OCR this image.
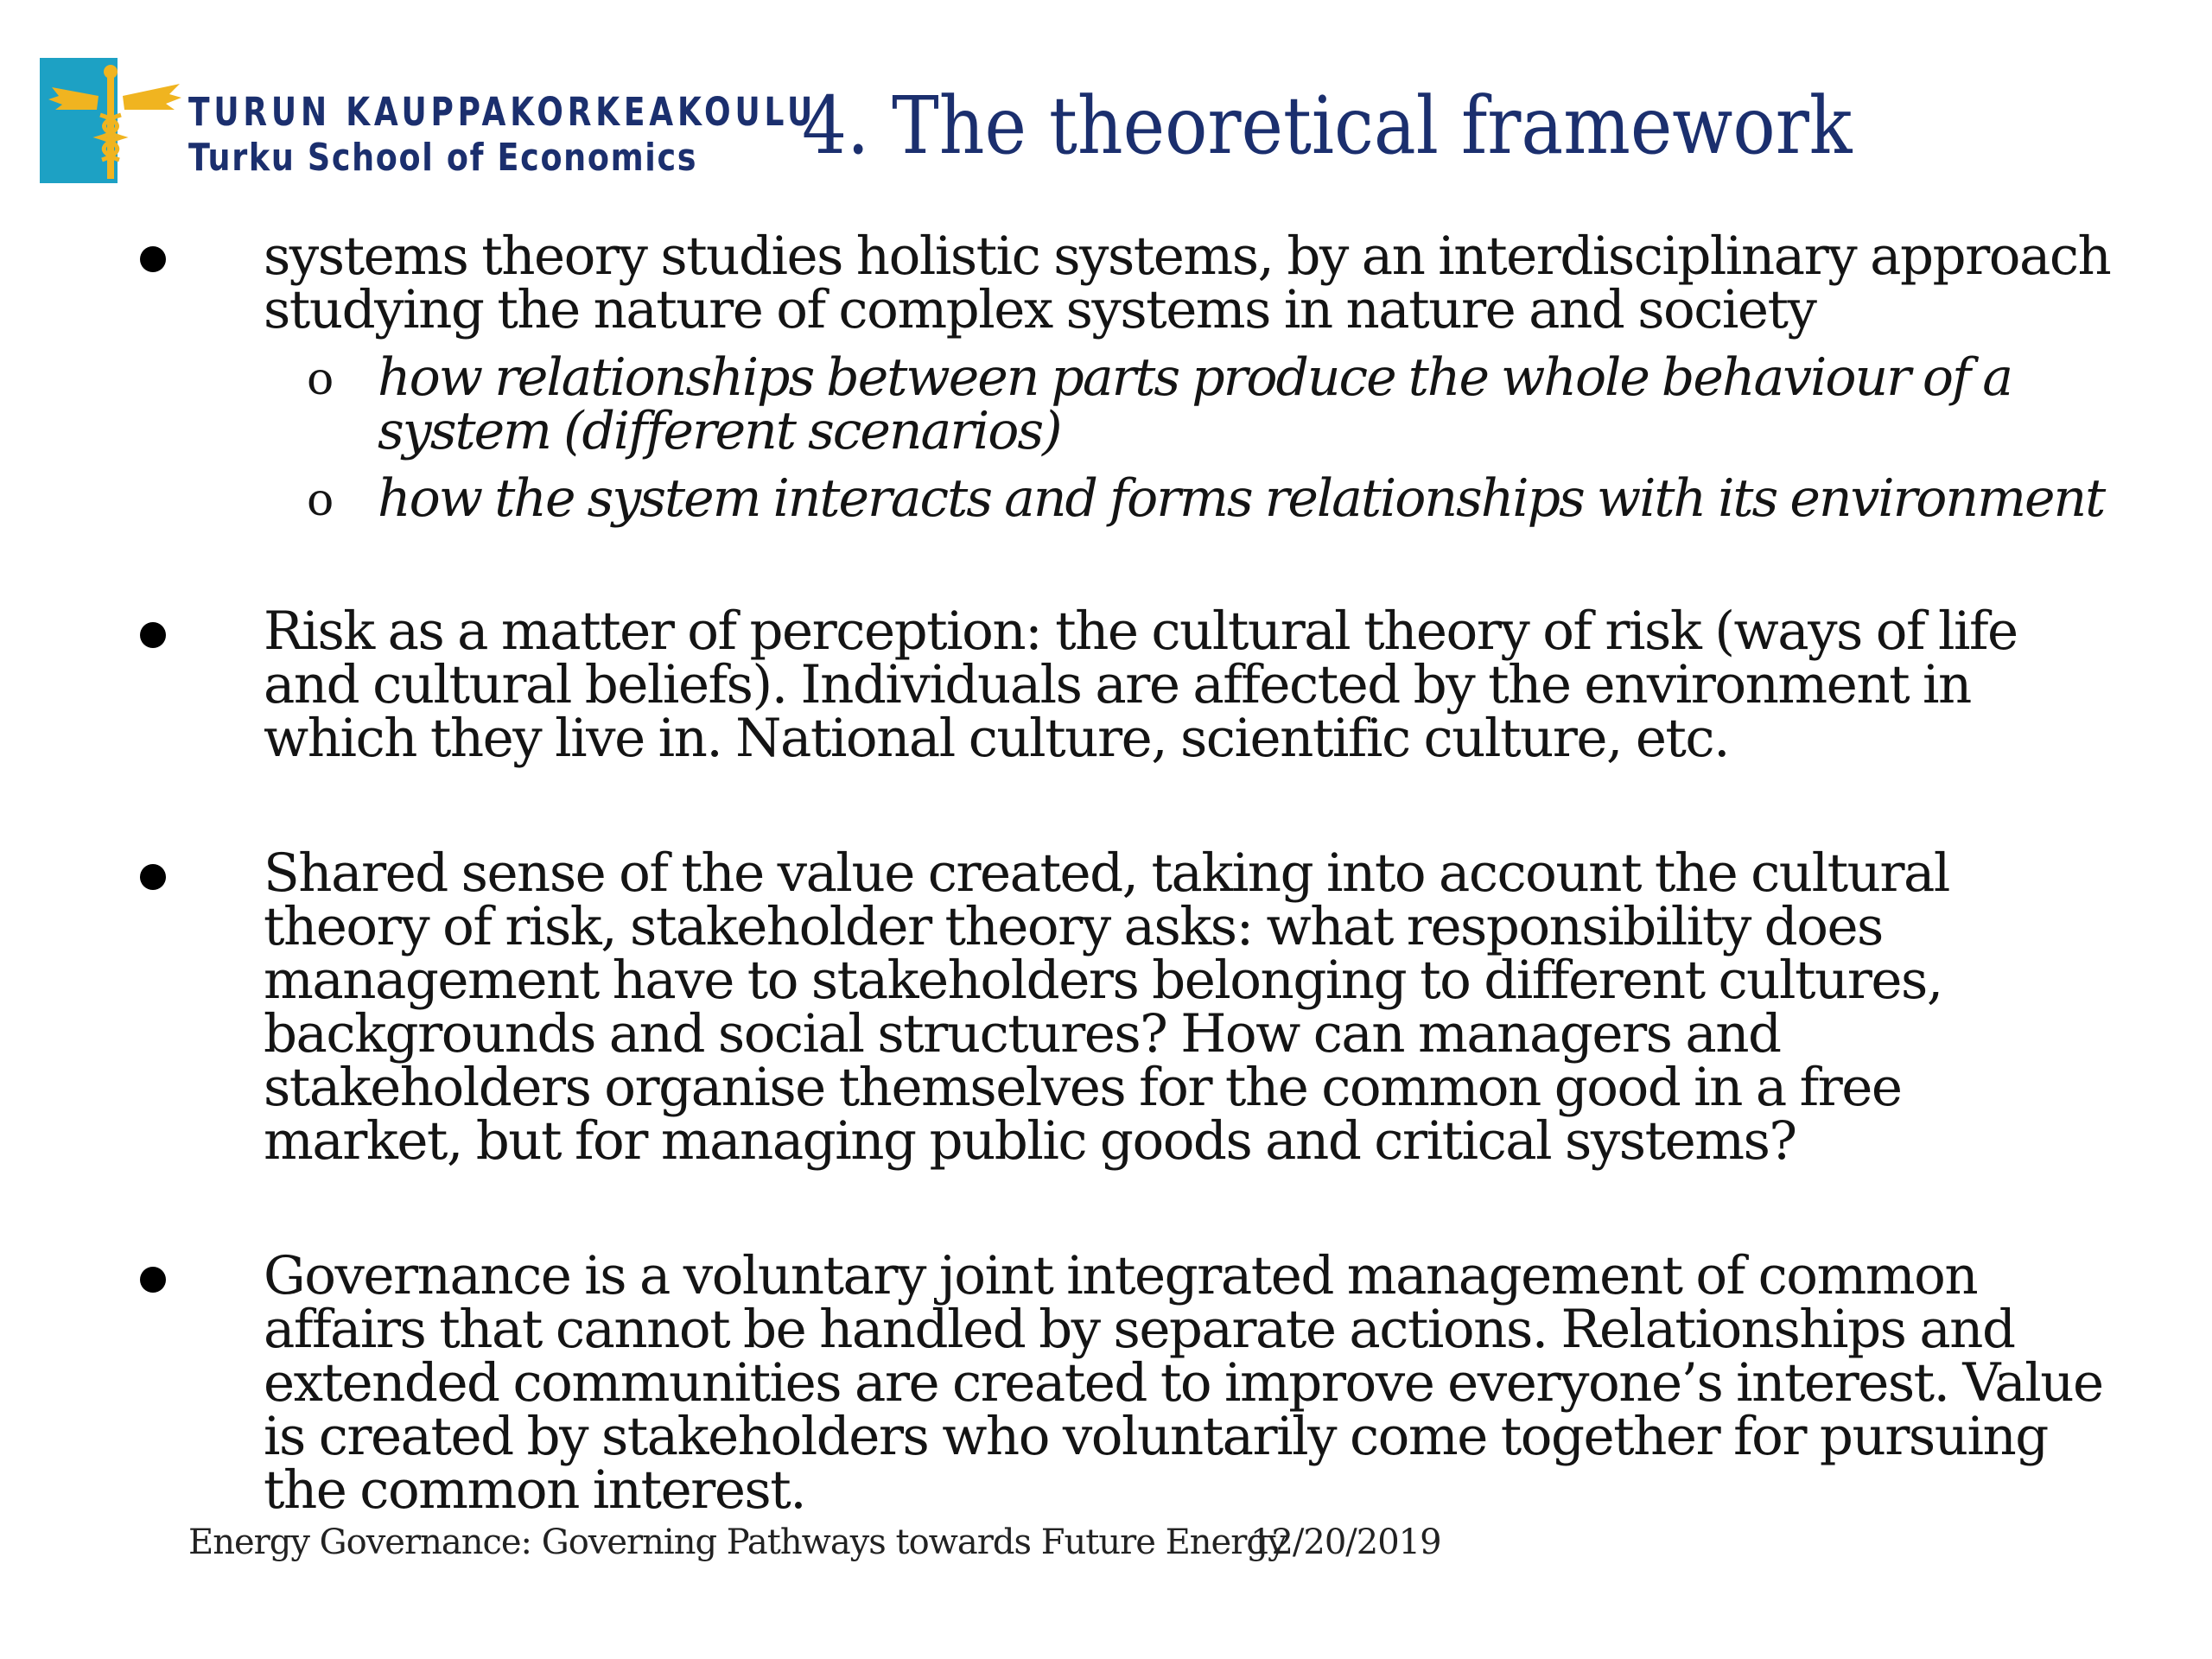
TURUN KAUPPAKORKEAKOULU
Turku School of Economics 4. The theoretical framework

systems theory studies holistic systems, by an interdisciplinary approach studying the nature of complex systems in nature and society

o how relationships between parts produce the whole behaviour of a system (different scenarios)

o how the system interacts and forms relationships with its environment

Risk as a matter of perception: the cultural theory of risk (ways of life and cultural beliefs). Individuals are affected by the environment in which they live in. National culture, scientific culture, etc.

Shared sense of the value created, taking into account the cultural theory of risk, stakeholder theory asks: what responsibility does management have to stakeholders belonging to different cultures, backgrounds and social structures? How can managers and stakeholders organise themselves for the common good in a free market, but for managing public goods and critical systems?

Governance is a voluntary joint integrated management of common affairs that cannot be handled by separate actions. Relationships and extended communities are created to improve everyone’s interest. Value is created by stakeholders who voluntarily come together for pursuing the common interest.

Energy Governance: Governing Pathways towards Future Energy
12/20/2019
